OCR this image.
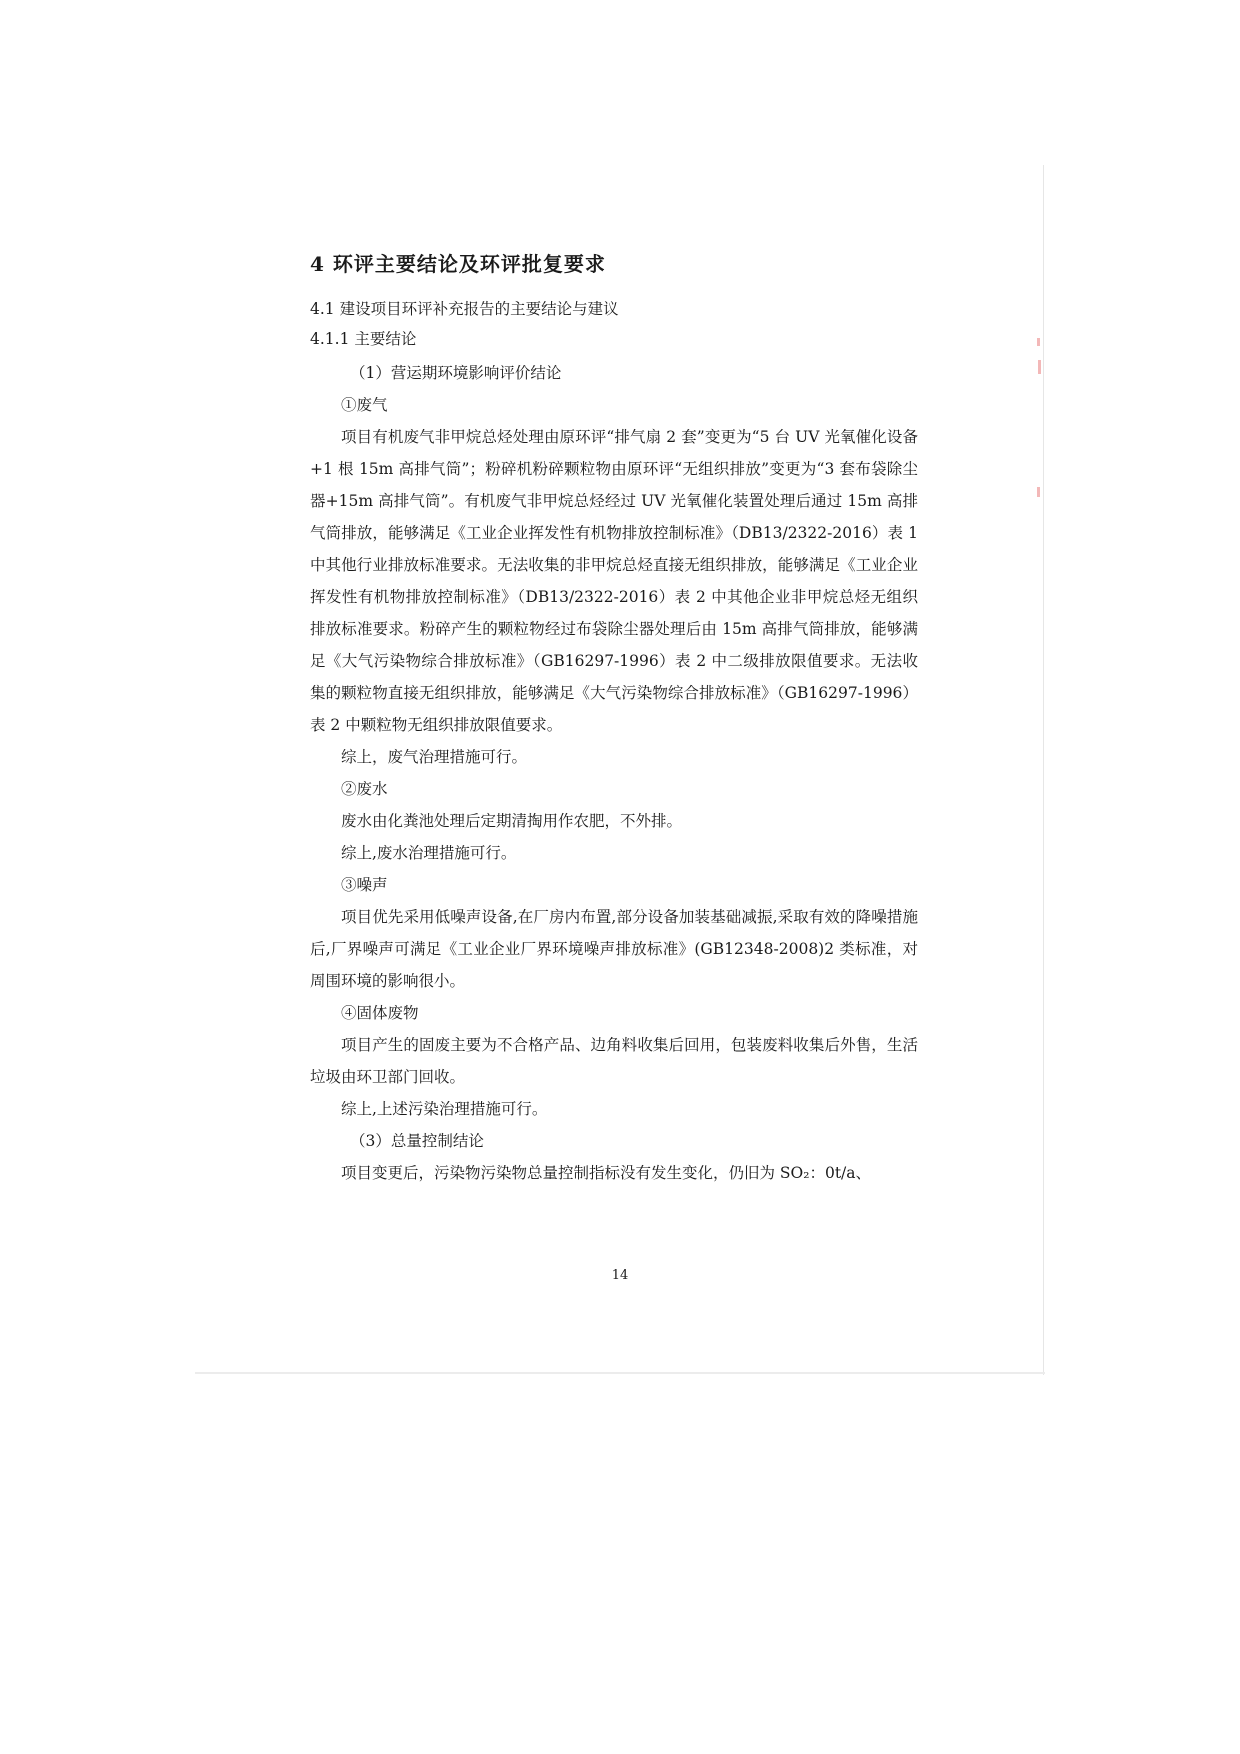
4 环评主要结论及环评批复要求
4.1 建设项目环评补充报告的主要结论与建议
4.1.1 主要结论
（1）营运期环境影响评价结论
①废气
项目有机废气非甲烷总烃处理由原环评“排气扇 2 套”变更为“5 台 UV 光氧催化设备+1 根 15m 高排气筒”；粉碎机粉碎颗粒物由原环评“无组织排放”变更为“3 套布袋除尘器+15m 高排气筒”。有机废气非甲烷总烃经过 UV 光氧催化装置处理后通过 15m 高排气筒排放，能够满足《工业企业挥发性有机物排放控制标准》（DB13/2322-2016）表 1 中其他行业排放标准要求。无法收集的非甲烷总烃直接无组织排放，能够满足《工业企业挥发性有机物排放控制标准》（DB13/2322-2016）表 2 中其他企业非甲烷总烃无组织排放标准要求。粉碎产生的颗粒物经过布袋除尘器处理后由 15m 高排气筒排放，能够满足《大气污染物综合排放标准》（GB16297-1996）表 2 中二级排放限值要求。无法收集的颗粒物直接无组织排放，能够满足《大气污染物综合排放标准》（GB16297-1996）表 2 中颗粒物无组织排放限值要求。
综上，废气治理措施可行。
②废水
废水由化粪池处理后定期清掏用作农肥，不外排。
综上,废水治理措施可行。
③噪声
项目优先采用低噪声设备,在厂房内布置,部分设备加装基础减振,采取有效的降噪措施后,厂界噪声可满足《工业企业厂界环境噪声排放标准》(GB12348-2008)2 类标准，对周围环境的影响很小。
④固体废物
项目产生的固废主要为不合格产品、边角料收集后回用，包装废料收集后外售，生活垃圾由环卫部门回收。
综上,上述污染治理措施可行。
（3）总量控制结论
项目变更后，污染物污染物总量控制指标没有发生变化，仍旧为 SO₂：0t/a、
14
